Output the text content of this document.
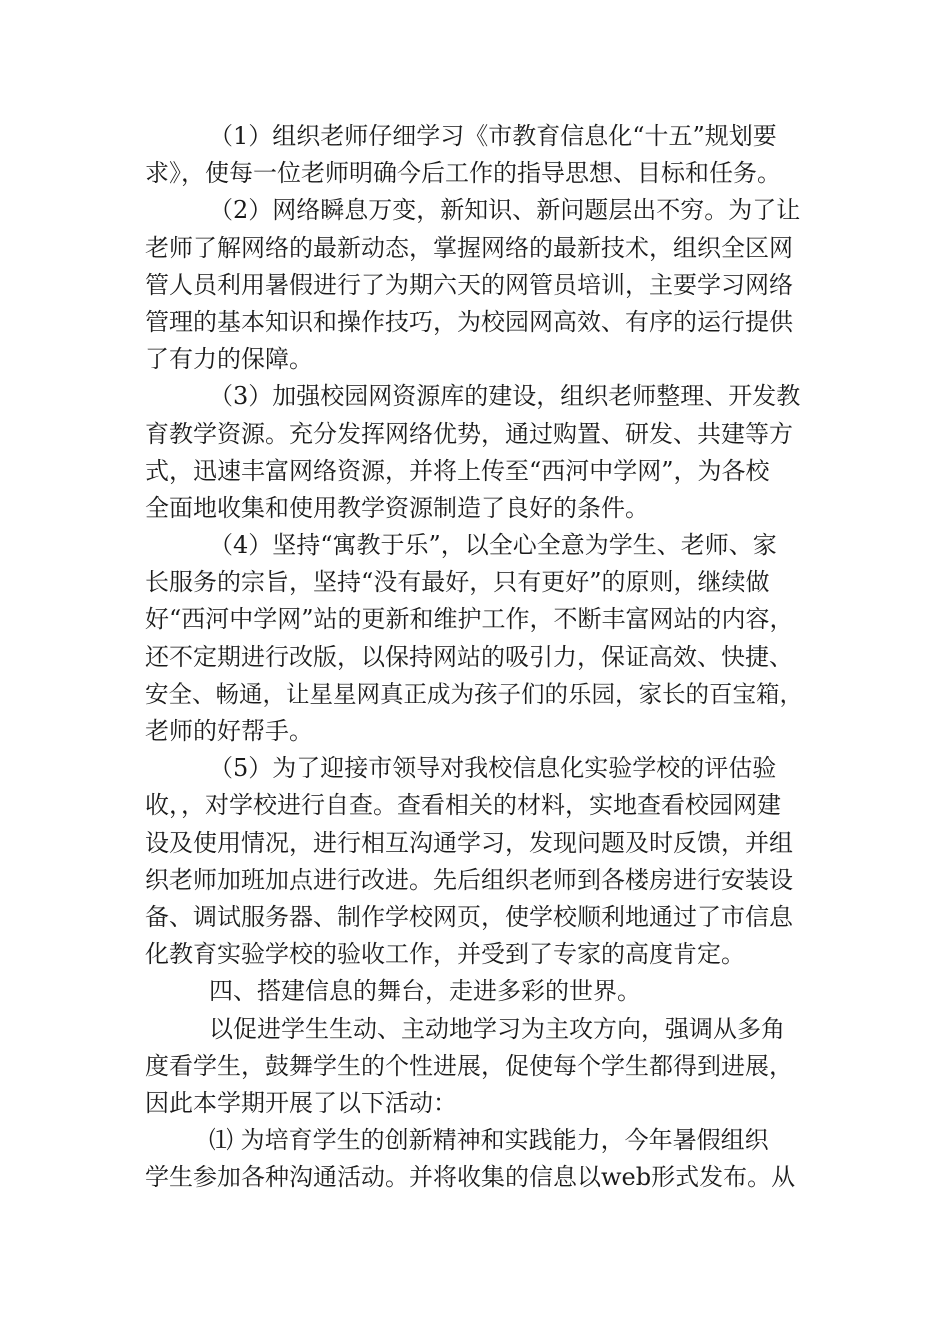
（1）组织老师仔细学习《市教育信息化“十五”规划要
求》，使每一位老师明确今后工作的指导思想、目标和任务。
（2）网络瞬息万变，新知识、新问题层出不穷。为了让
老师了解网络的最新动态，掌握网络的最新技术，组织全区网
管人员利用暑假进行了为期六天的网管员培训，主要学习网络
管理的基本知识和操作技巧，为校园网高效、有序的运行提供
了有力的保障。
（3）加强校园网资源库的建设，组织老师整理、开发教
育教学资源。充分发挥网络优势，通过购置、研发、共建等方
式，迅速丰富网络资源，并将上传至“西河中学网”，为各校
全面地收集和使用教学资源制造了良好的条件。
（4）坚持“寓教于乐”，以全心全意为学生、老师、家
长服务的宗旨，坚持“没有最好，只有更好”的原则，继续做
好“西河中学网”站的更新和维护工作，不断丰富网站的内容，
还不定期进行改版，以保持网站的吸引力，保证高效、快捷、
安全、畅通，让星星网真正成为孩子们的乐园，家长的百宝箱，
老师的好帮手。
（5）为了迎接市领导对我校信息化实验学校的评估验
收，，对学校进行自查。查看相关的材料，实地查看校园网建
设及使用情况，进行相互沟通学习，发现问题及时反馈，并组
织老师加班加点进行改进。先后组织老师到各楼房进行安装设
备、调试服务器、制作学校网页，使学校顺利地通过了市信息
化教育实验学校的验收工作，并受到了专家的高度肯定。
四、搭建信息的舞台，走进多彩的世界。
以促进学生生动、主动地学习为主攻方向，强调从多角
度看学生，鼓舞学生的个性进展，促使每个学生都得到进展，
因此本学期开展了以下活动：
⑴ 为培育学生的创新精神和实践能力，今年暑假组织
学生参加各种沟通活动。并将收集的信息以web形式发布。从
